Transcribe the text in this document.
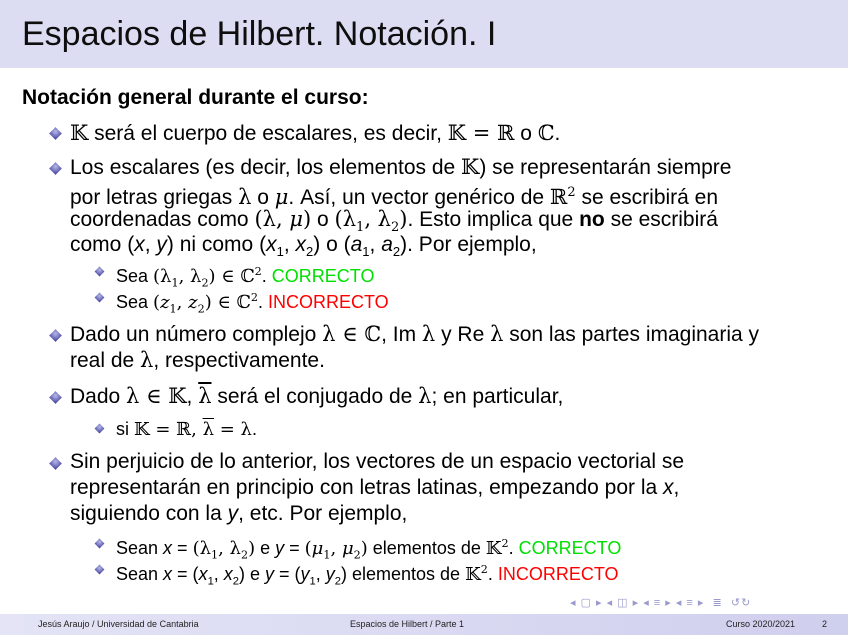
Espacios de Hilbert. Notación. I
Notación general durante el curso:
𝕂 será el cuerpo de escalares, es decir, 𝕂 = ℝ o ℂ.
Los escalares (es decir, los elementos de 𝕂) se representarán siempre
por letras griegas λ o μ. Así, un vector genérico de ℝ$^2$ se escribirá en
coordenadas como (λ, μ) o ($\lambda_1$, $\lambda_2$). Esto implica que no se escribirá
como (x, y) ni como ($x_1$, $x_2$) o ($a_1$, $a_2$). Por ejemplo,
Sea ($\lambda_1$, $\lambda_2$) ∈ ℂ$^2$. CORRECTO
Sea ($z_1$, $z_2$) ∈ ℂ$^2$. INCORRECTO
Dado un número complejo λ ∈ ℂ, Im λ y Re λ son las partes imaginaria y
real de λ, respectivamente.
Dado λ ∈ 𝕂, $\overline{\lambda}$ será el conjugado de λ; en particular,
si 𝕂 = ℝ, $\overline{\lambda} = \lambda$.
Sin perjuicio de lo anterior, los vectores de un espacio vectorial se
representarán en principio con letras latinas, empezando por la x,
siguiendo con la y, etc. Por ejemplo,
Sean $x = (\lambda_1$, $\lambda_2$) e $y = (\mu_1$, $\mu_2$) elementos de 𝕂$^2$. CORRECTO
Sean $x = (x_1$, $x_2$) e $y = (y_1$, $y_2$) elementos de 𝕂$^2$. INCORRECTO
◂ ▢ ▸ ◂ ◫ ▸ ◂ ≡ ▸ ◂ ≡ ▸  ≣  ↺↻
Jesús Araujo / Universidad de Cantabria	Espacios de Hilbert / Parte 1	Curso 2020/2021	2
